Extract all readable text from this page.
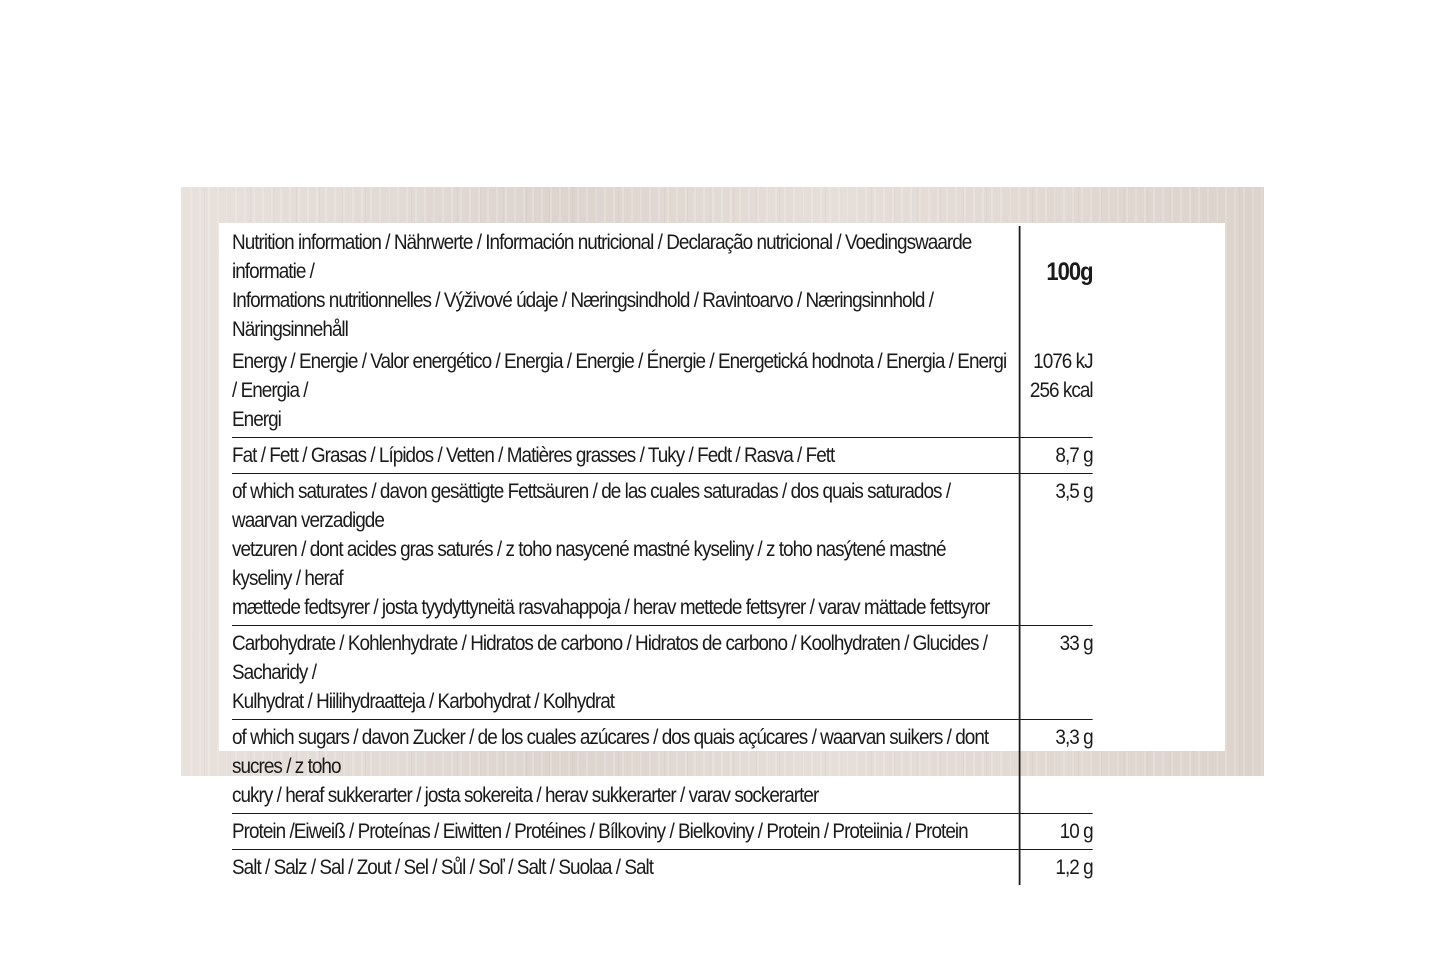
Nutrition information / Nährwerte / Información nutricional / Declaração nutricional / Voedingswaarde informatie /
Informations nutritionnelles / Výživové údaje / Næringsindhold / Ravintoarvo / Næringsinnhold / Näringsinnehåll	100g
Energy / Energie / Valor energético / Energia / Energie / Énergie / Energetická hodnota / Energia / Energi / Energia /
Energi	1076 kJ
256 kcal
Fat / Fett / Grasas / Lípidos / Vetten / Matières grasses / Tuky / Fedt / Rasva / Fett	8,7 g
of which saturates / davon gesättigte Fettsäuren / de las cuales saturadas / dos quais saturados / waarvan verzadigde
vetzuren / dont acides gras saturés / z toho nasycené mastné kyseliny / z toho nasýtené mastné kyseliny / heraf
mættede fedtsyrer / josta tyydyttyneitä rasvahappoja / herav mettede fettsyrer / varav mättade fettsyror	3,5 g
Carbohydrate / Kohlenhydrate / Hidratos de carbono / Hidratos de carbono / Koolhydraten / Glucides / Sacharidy /
Kulhydrat / Hiilihydraatteja / Karbohydrat / Kolhydrat	33 g
of which sugars / davon Zucker / de los cuales azúcares / dos quais açúcares / waarvan suikers / dont sucres / z toho
cukry / heraf sukkerarter / josta sokereita / herav sukkerarter / varav sockerarter	3,3 g
Protein /Eiweiß / Proteínas / Eiwitten / Protéines / Bílkoviny / Bielkoviny / Protein / Proteiinia / Protein	10 g
Salt / Salz / Sal / Zout / Sel / Sůl / Soľ / Salt / Suolaa / Salt	1,2 g
